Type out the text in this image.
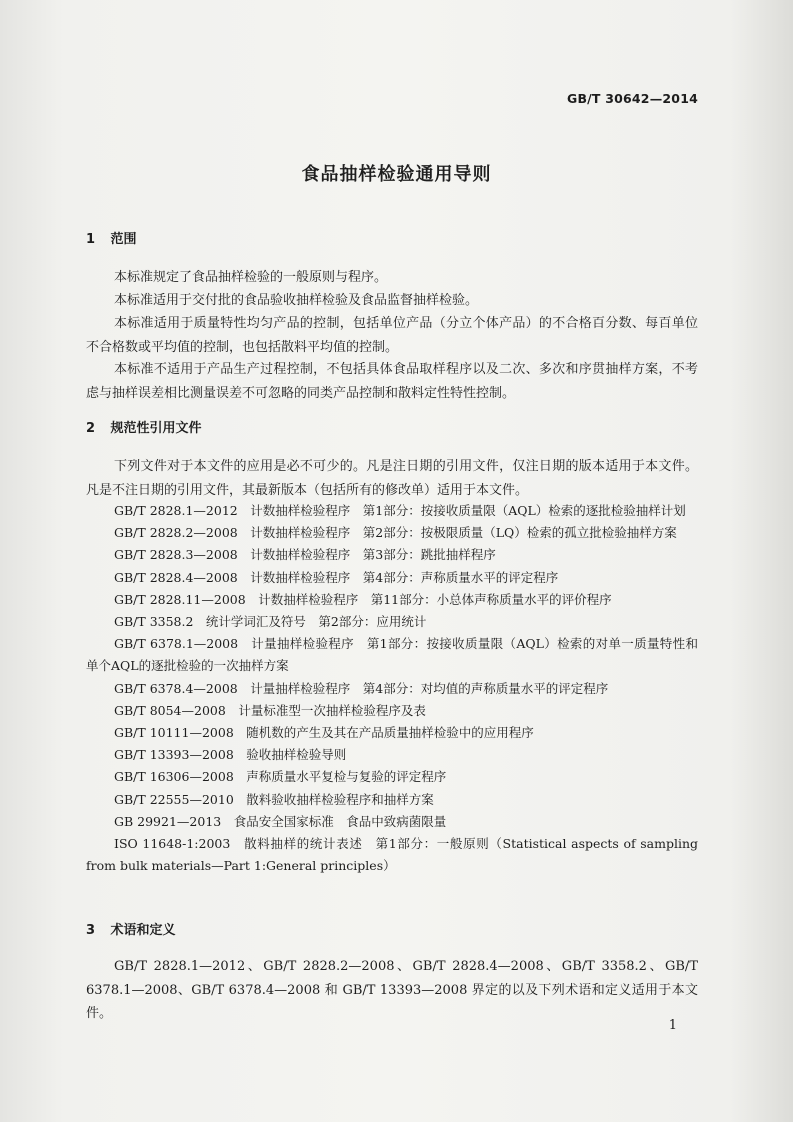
GB/T 30642—2014
食品抽样检验通用导则
1 范围
本标准规定了食品抽样检验的一般原则与程序。
本标准适用于交付批的食品验收抽样检验及食品监督抽样检验。
本标准适用于质量特性均匀产品的控制，包括单位产品（分立个体产品）的不合格百分数、每百单位不合格数或平均值的控制，也包括散料平均值的控制。
本标准不适用于产品生产过程控制，不包括具体食品取样程序以及二次、多次和序贯抽样方案，不考虑与抽样误差相比测量误差不可忽略的同类产品控制和散料定性特性控制。
2 规范性引用文件
下列文件对于本文件的应用是必不可少的。凡是注日期的引用文件，仅注日期的版本适用于本文件。凡是不注日期的引用文件，其最新版本（包括所有的修改单）适用于本文件。
GB/T 2828.1—2012　计数抽样检验程序　第1部分：按接收质量限（AQL）检索的逐批检验抽样计划
GB/T 2828.2—2008　计数抽样检验程序　第2部分：按极限质量（LQ）检索的孤立批检验抽样方案
GB/T 2828.3—2008　计数抽样检验程序　第3部分：跳批抽样程序
GB/T 2828.4—2008　计数抽样检验程序　第4部分：声称质量水平的评定程序
GB/T 2828.11—2008　计数抽样检验程序　第11部分：小总体声称质量水平的评价程序
GB/T 3358.2　统计学词汇及符号　第2部分：应用统计
GB/T 6378.1—2008　计量抽样检验程序　第1部分：按接收质量限（AQL）检索的对单一质量特性和单个AQL的逐批检验的一次抽样方案
GB/T 6378.4—2008　计量抽样检验程序　第4部分：对均值的声称质量水平的评定程序
GB/T 8054—2008　计量标准型一次抽样检验程序及表
GB/T 10111—2008　随机数的产生及其在产品质量抽样检验中的应用程序
GB/T 13393—2008　验收抽样检验导则
GB/T 16306—2008　声称质量水平复检与复验的评定程序
GB/T 22555—2010　散料验收抽样检验程序和抽样方案
GB 29921—2013　食品安全国家标准　食品中致病菌限量
ISO 11648-1:2003　散料抽样的统计表述　第1部分：一般原则（Statistical aspects of sampling from bulk materials—Part 1:General principles）
3 术语和定义
GB/T 2828.1—2012、GB/T 2828.2—2008、GB/T 2828.4—2008、GB/T 3358.2、GB/T 6378.1—2008、GB/T 6378.4—2008 和 GB/T 13393—2008 界定的以及下列术语和定义适用于本文件。
1
